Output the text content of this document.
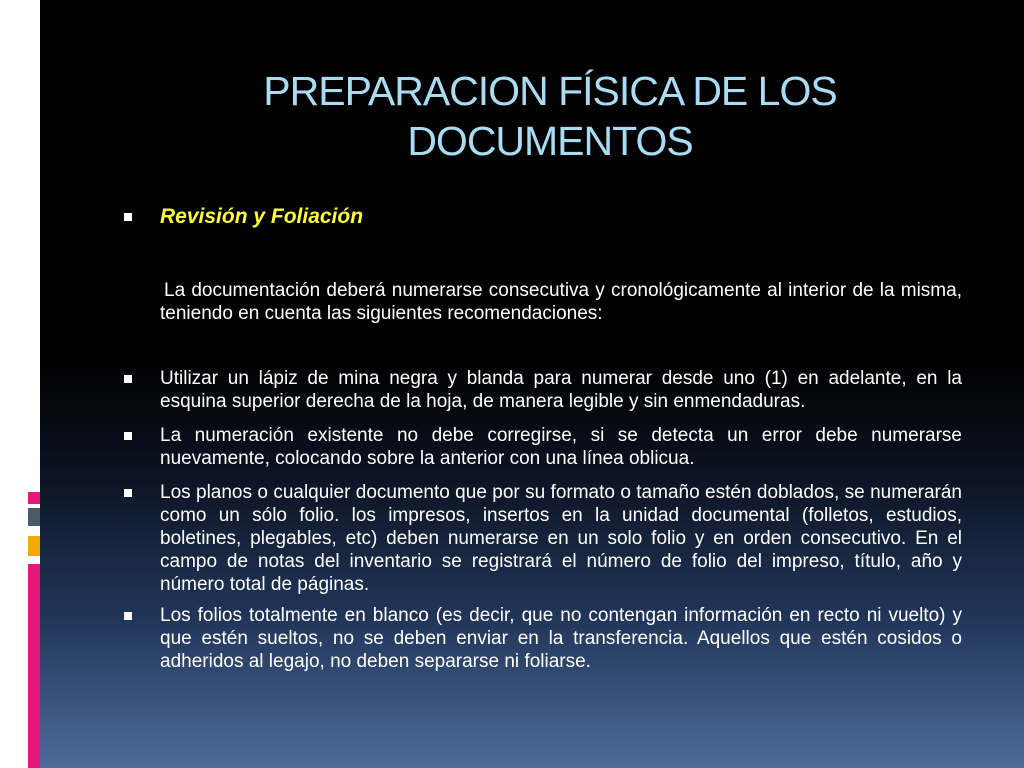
PREPARACION FÍSICA DE LOS DOCUMENTOS
Revisión y Foliación
La documentación deberá numerarse consecutiva y cronológicamente al interior de la misma, teniendo en cuenta las siguientes recomendaciones:
Utilizar un lápiz de mina negra y blanda para numerar desde uno (1) en adelante, en la esquina superior derecha de la hoja, de manera legible y sin enmendaduras.
La numeración existente no debe corregirse, si se detecta un error debe numerarse nuevamente, colocando sobre la anterior con una línea oblicua.
Los planos o cualquier documento que por su formato o tamaño estén doblados, se numerarán como un sólo folio. los impresos, insertos en la unidad documental (folletos, estudios, boletines, plegables, etc) deben numerarse en un solo folio y en orden consecutivo. En el campo de notas del inventario se registrará el número de folio del impreso, título, año y número total de páginas.
Los folios totalmente en blanco (es decir, que no contengan información en recto ni vuelto) y que estén sueltos, no se deben enviar en la transferencia. Aquellos que estén cosidos o adheridos al legajo, no deben separarse ni foliarse.
